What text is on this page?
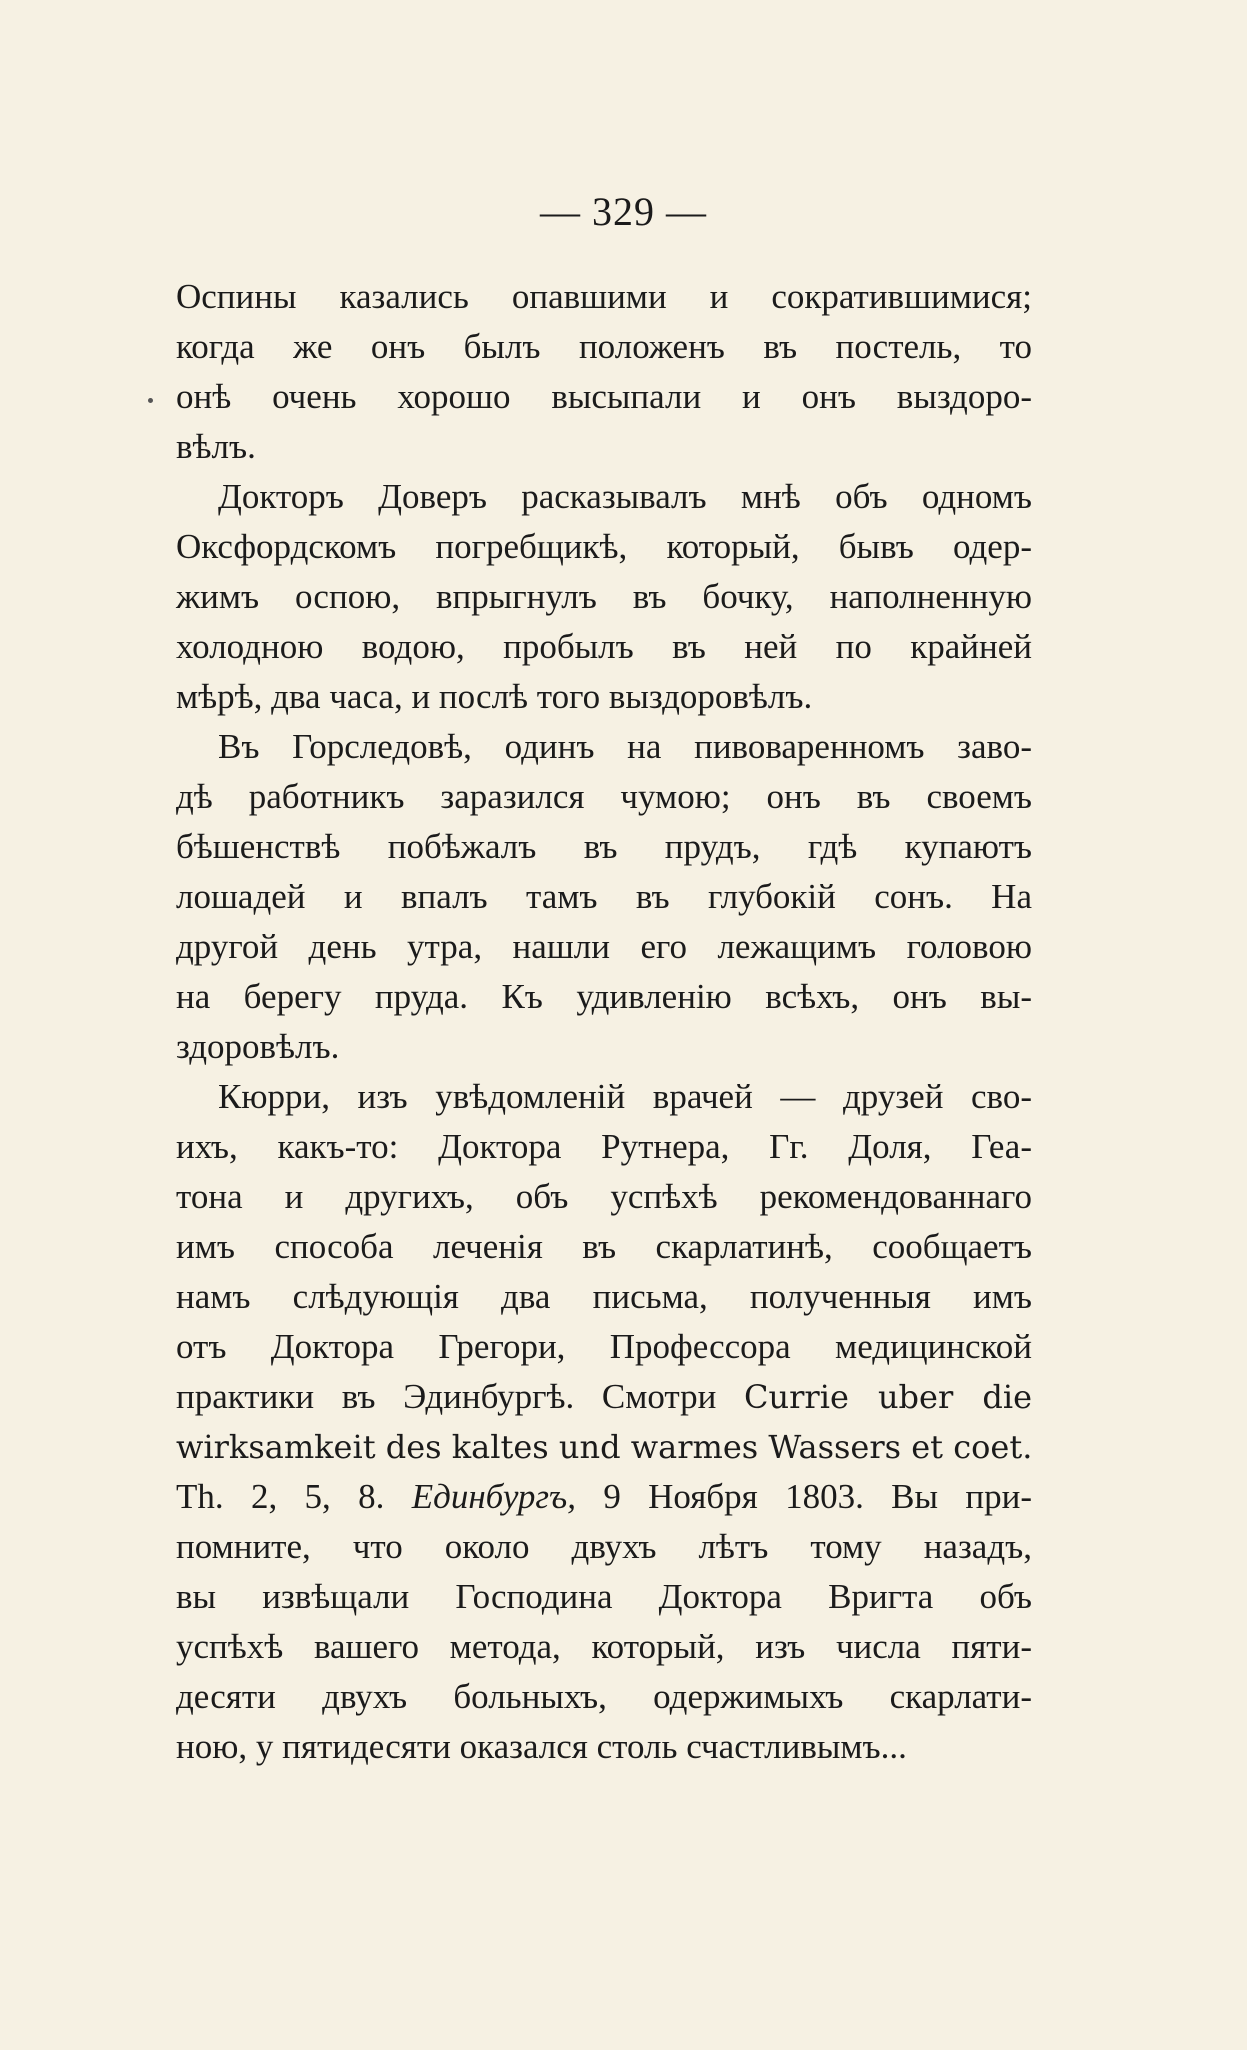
— 329 —
Оспины казались опавшими и сократившимися;
когда же онъ былъ положенъ въ постель, то
онѣ очень хорошо высыпали и онъ выздоро-
вѣлъ.
Докторъ Доверъ расказывалъ мнѣ объ одномъ
Оксфордскомъ погребщикѣ, который, бывъ одер-
жимъ оспою, впрыгнулъ въ бочку, наполненную
холодною водою, пробылъ въ ней по крайней
мѣрѣ, два часа, и послѣ того выздоровѣлъ.
Въ Горследовѣ, одинъ на пивоваренномъ заво-
дѣ работникъ заразился чумою; онъ въ своемъ
бѣшенствѣ побѣжалъ въ прудъ, гдѣ купаютъ
лошадей и впалъ тамъ въ глубокій сонъ. На
другой день утра, нашли его лежащимъ головою
на берегу пруда. Къ удивленію всѣхъ, онъ вы-
здоровѣлъ.
Кюрри, изъ увѣдомленій врачей — друзей сво-
ихъ, какъ-то: Доктора Рутнера, Гг. Доля, Геа-
тона и другихъ, объ успѣхѣ рекомендованнаго
имъ способа леченія въ скарлатинѣ, сообщаетъ
намъ слѣдующія два письма, полученныя имъ
отъ Доктора Грегори, Профессора медицинской
практики въ Эдинбургѣ. Смотри Currie uber die
wirksamkeit des kaltes und warmes Wassers et coet.
Th. 2, 5, 8. Единбургъ, 9 Ноября 1803. Вы при-
помните, что около двухъ лѣтъ тому назадъ,
вы извѣщали Господина Доктора Вригта объ
успѣхѣ вашего метода, который, изъ числа пяти-
десяти двухъ больныхъ, одержимыхъ скарлати-
ною, у пятидесяти оказался столь счастливымъ...
